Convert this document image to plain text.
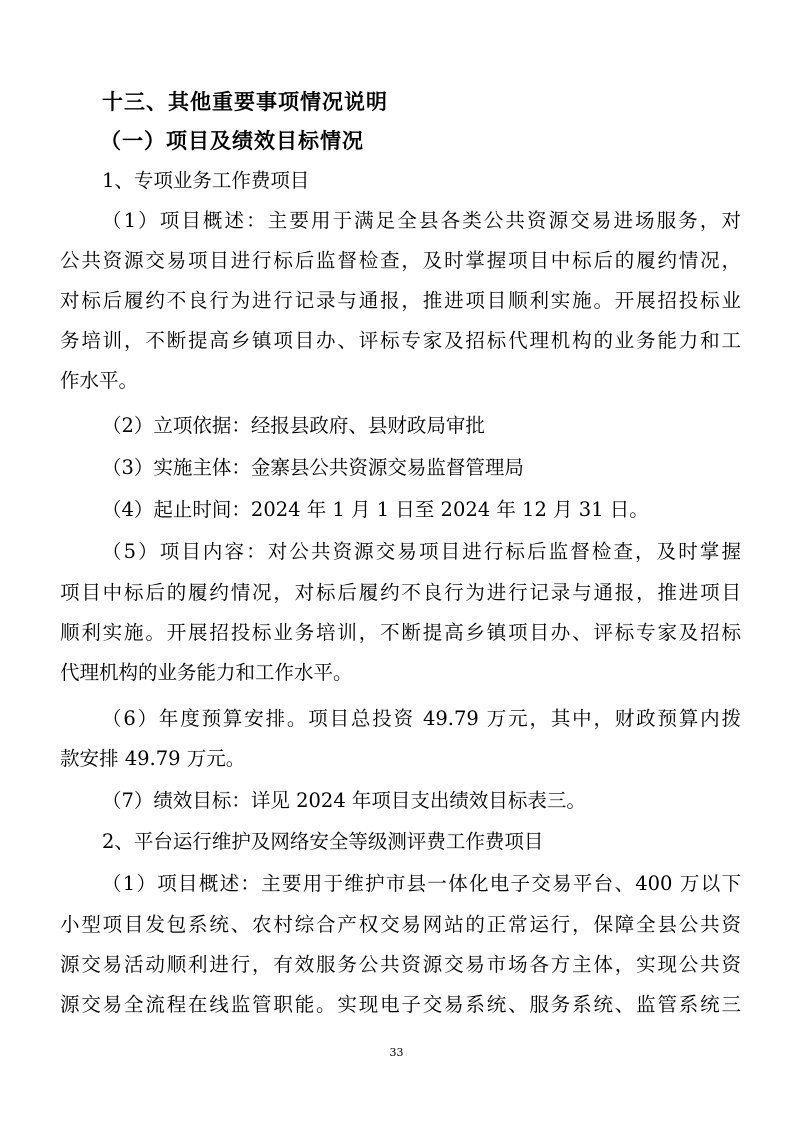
十三、其他重要事项情况说明
（一）项目及绩效目标情况
1、专项业务工作费项目
（1）项目概述：主要用于满足全县各类公共资源交易进场服务，对
公共资源交易项目进行标后监督检查，及时掌握项目中标后的履约情况，
对标后履约不良行为进行记录与通报，推进项目顺利实施。开展招投标业
务培训，不断提高乡镇项目办、评标专家及招标代理机构的业务能力和工
作水平。
（2）立项依据：经报县政府、县财政局审批
（3）实施主体：金寨县公共资源交易监督管理局
（4）起止时间：2024 年 1 月 1 日至 2024 年 12 月 31 日。
（5）项目内容：对公共资源交易项目进行标后监督检查，及时掌握
项目中标后的履约情况，对标后履约不良行为进行记录与通报，推进项目
顺利实施。开展招投标业务培训，不断提高乡镇项目办、评标专家及招标
代理机构的业务能力和工作水平。
（6）年度预算安排。项目总投资 49.79 万元，其中，财政预算内拨
款安排 49.79 万元。
（7）绩效目标：详见 2024 年项目支出绩效目标表三。
2、平台运行维护及网络安全等级测评费工作费项目
（1）项目概述：主要用于维护市县一体化电子交易平台、400 万以下
小型项目发包系统、农村综合产权交易网站的正常运行，保障全县公共资
源交易活动顺利进行，有效服务公共资源交易市场各方主体，实现公共资
源交易全流程在线监管职能。实现电子交易系统、服务系统、监管系统三
33
